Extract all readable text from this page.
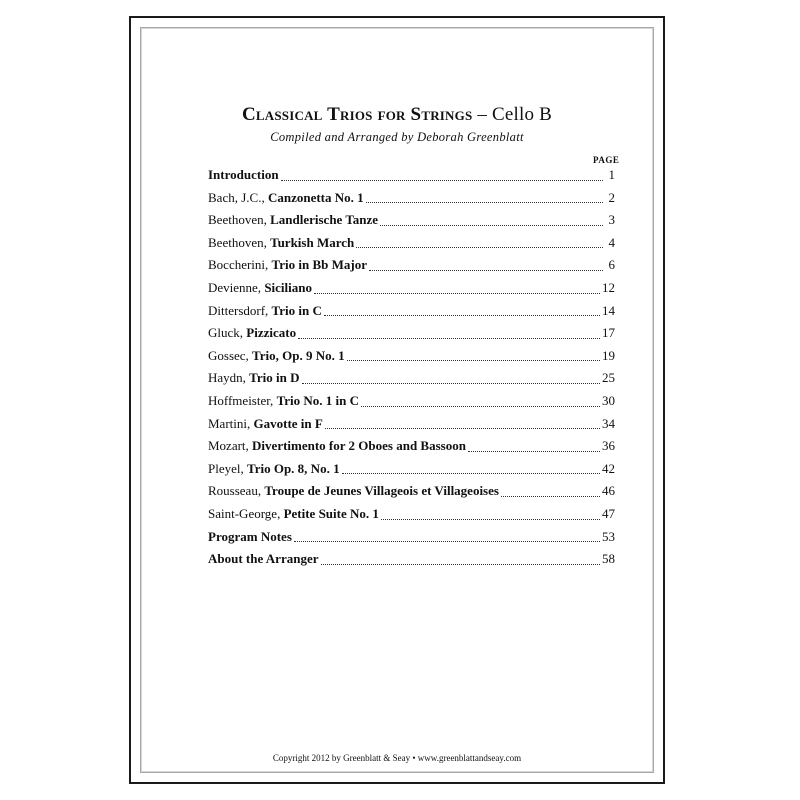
Classical Trios for Strings – Cello B
Compiled and Arranged by Deborah Greenblatt
PAGE
Introduction	1
Bach, J.C., Canzonetta No. 1	2
Beethoven, Landlerische Tanze	3
Beethoven, Turkish March	4
Boccherini, Trio in Bb Major	6
Devienne, Siciliano	12
Dittersdorf, Trio in C	14
Gluck, Pizzicato	17
Gossec, Trio, Op. 9 No. 1	19
Haydn, Trio in D	25
Hoffmeister, Trio No. 1 in C	30
Martini, Gavotte in F	34
Mozart, Divertimento for 2 Oboes and Bassoon	36
Pleyel, Trio Op. 8, No. 1	42
Rousseau, Troupe de Jeunes Villageois et Villageoises	46
Saint-George, Petite Suite No. 1	47
Program Notes	53
About the Arranger	58
Copyright 2012 by Greenblatt & Seay • www.greenblattandseay.com
